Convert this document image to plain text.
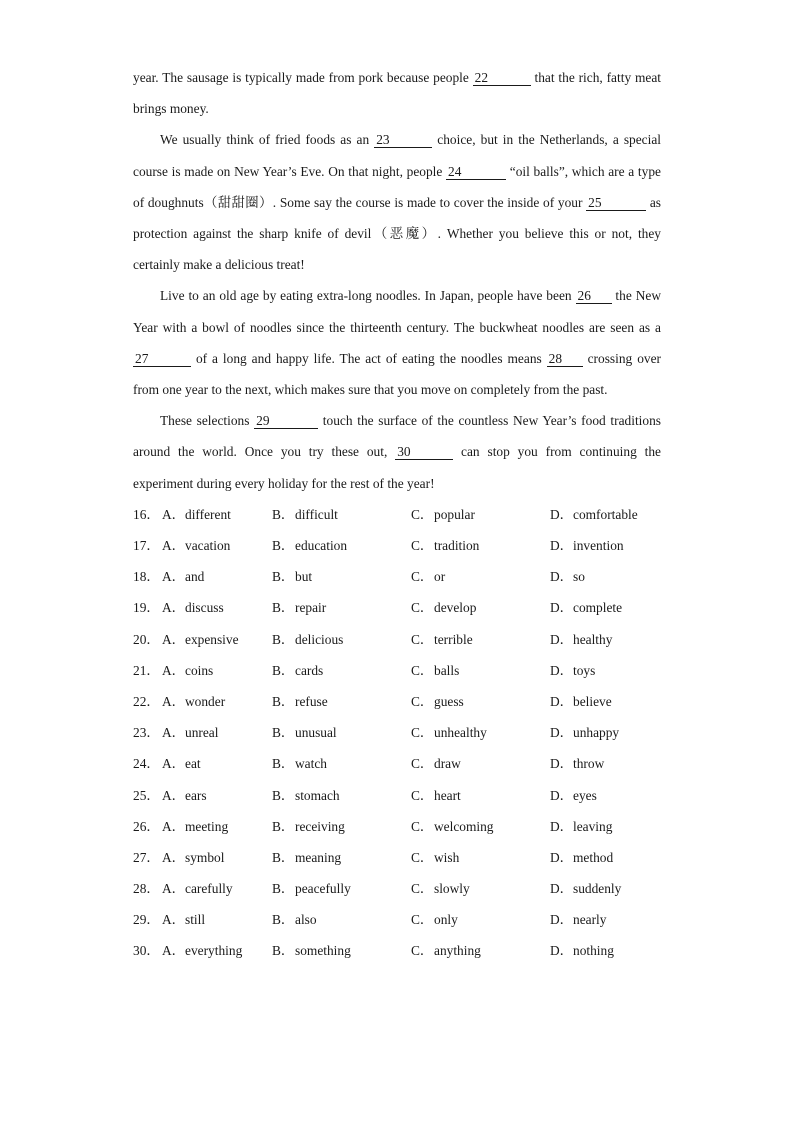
year. The sausage is typically made from pork because people 22	that the rich, fatty meat brings money.

We usually think of fried foods as an 23	choice, but in the Netherlands, a special course is made on New Year’s Eve. On that night, people 24	“oil balls”, which are a type of doughnuts（甜甜圈）. Some say the course is made to cover the inside of your 25	as protection against the sharp knife of devil（恶魔）. Whether you believe this or not, they certainly make a delicious treat!

Live to an old age by eating extra-long noodles. In Japan, people have been 26 the New Year with a bowl of noodles since the thirteenth century. The buckwheat noodles are seen as a 27	of a long and happy life. The act of eating the noodles means 28 crossing over from one year to the next, which makes sure that you move on completely from the past.

These selections 29	touch the surface of the countless New Year’s food traditions around the world. Once you try these out, 30	can stop you from continuing the experiment during every holiday for the rest of the year!

16． A． different	B． difficult	C． popular	D． comfortable
17． A． vacation	B． education	C． tradition	D． invention
18． A． and	B． but	C． or	D． so
19． A． discuss	B． repair	C． develop	D． complete
20． A． expensive B． delicious	C． terrible	D． healthy
21． A． coins	B． cards	C． balls	D． toys
22． A． wonder	B． refuse	C． guess	D． believe
23． A． unreal	B． unusual	C． unhealthy	D． unhappy
24． A． eat	B． watch	C． draw	D． throw
25． A． ears	B． stomach	C． heart	D． eyes
26． A． meeting	B． receiving	C． welcoming	D． leaving
27． A． symbol	B． meaning	C． wish	D． method
28． A． carefully	B． peacefully	C． slowly	D． suddenly
29． A． still	B． also	C． only	D． nearly
30． A． everything B． something	C． anything	D． nothing
